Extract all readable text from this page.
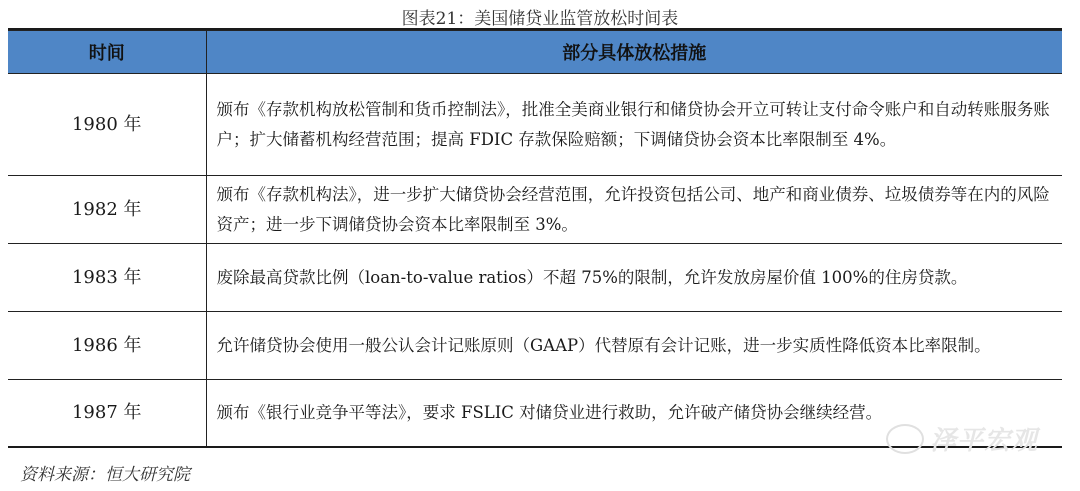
图表21：美国储贷业监管放松时间表
时间	部分具体放松措施
1980 年	颁布《存款机构放松管制和货币控制法》，批准全美商业银行和储贷协会开立可转让支付命令账户和自动转账服务账户；扩大储蓄机构经营范围；提高 FDIC 存款保险赔额；下调储贷协会资本比率限制至 4%。
1982 年	颁布《存款机构法》，进一步扩大储贷协会经营范围，允许投资包括公司、地产和商业债券、垃圾债券等在内的风险资产；进一步下调储贷协会资本比率限制至 3%。
1983 年	废除最高贷款比例（loan-to-value ratios）不超 75%的限制，允许发放房屋价值 100%的住房贷款。
1986 年	允许储贷协会使用一般公认会计记账原则（GAAP）代替原有会计记账，进一步实质性降低资本比率限制。
1987 年	颁布《银行业竞争平等法》，要求 FSLIC 对储贷业进行救助，允许破产储贷协会继续经营。
泽平宏观
资料来源：恒大研究院
